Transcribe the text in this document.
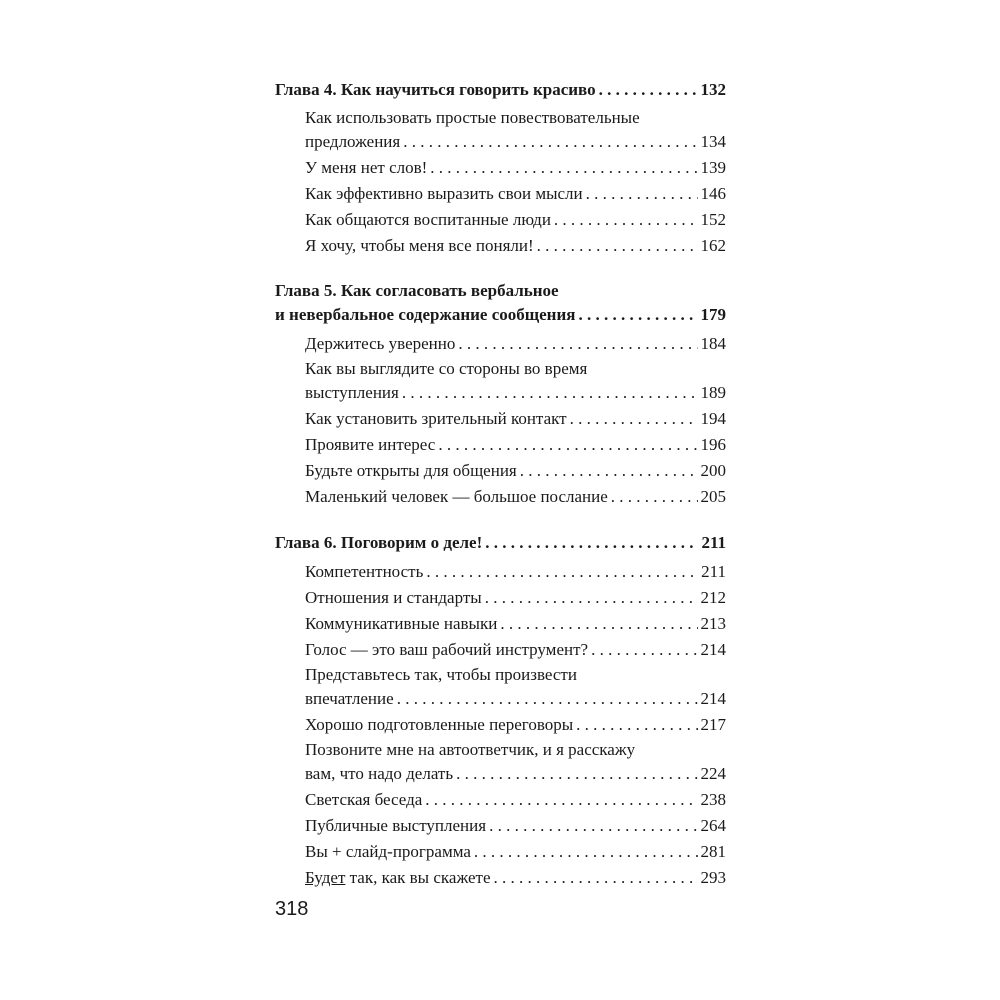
Глава 4. Как научиться говорить красиво . . .	132
Как использовать простые повествовательные
предложения . . .	134
У меня нет слов! . . .	139
Как эффективно выразить свои мысли . . .	146
Как общаются воспитанные люди . . .	152
Я хочу, чтобы меня все поняли! . . .	162
Глава 5. Как согласовать вербальное
и невербальное содержание сообщения . . .	179
Держитесь уверенно . . .	184
Как вы выглядите со стороны во время
выступления . . .	189
Как установить зрительный контакт . . .	194
Проявите интерес . . .	196
Будьте открыты для общения . . .	200
Маленький человек — большое послание . . .	205
Глава 6. Поговорим о деле! . . .	211
Компетентность . . .	211
Отношения и стандарты . . .	212
Коммуникативные навыки . . .	213
Голос — это ваш рабочий инструмент? . . .	214
Представьтесь так, чтобы произвести
впечатление . . .	214
Хорошо подготовленные переговоры . . .	217
Позвоните мне на автоответчик, и я расскажу
вам, что надо делать . . .	224
Светская беседа . . .	238
Публичные выступления . . .	264
Вы + слайд-программа . . .	281
Будет так, как вы скажете . . .	293
318
